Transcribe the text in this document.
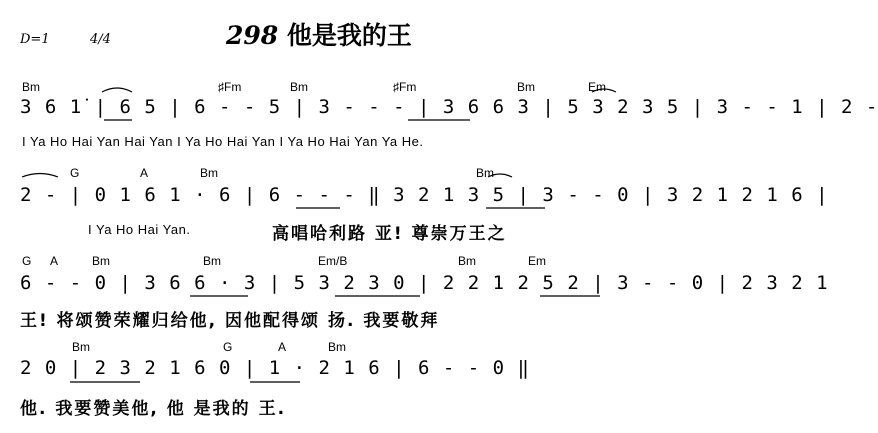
D=1	4/4	298 他是我的王
Bm	♯Fm	Bm	♯Fm	Bm	Em
3 6 1̇ | 6 5 | 6 - - 5 | 3 - - - | 3 6 6 3 | 5 3 2 3 5 | 3 - - 1 | 2 -
I Ya Ho Hai Yan Hai Yan I Ya Ho Hai Yan I Ya Ho Hai Yan Ya He.
G	A	Bm	Bm
2 - | 0 1 6 1 · 6 | 6 - - - ‖ 3 2 1 3 5 | 3 - - 0 | 3 2 1 2 1 6 |
I Ya Ho Hai Yan.	高唱哈利路 亚! 尊崇万王之
G A	Bm	Bm	Em/B	Bm	Em
6 - - 0 | 3 6 6 · 3 | 5 3 2 3 0 | 2 2 1 2 5 2 | 3 - - 0 | 2 3 2 1
王! 将颂赞荣耀归给他, 因他配得颂 扬. 我要敬拜
Bm	G	A	Bm
2 0 | 2 3 2 1 6 0 | 1 · 2 1 6 | 6 - - 0 ‖
他. 我要赞美他, 他 是我的 王.
